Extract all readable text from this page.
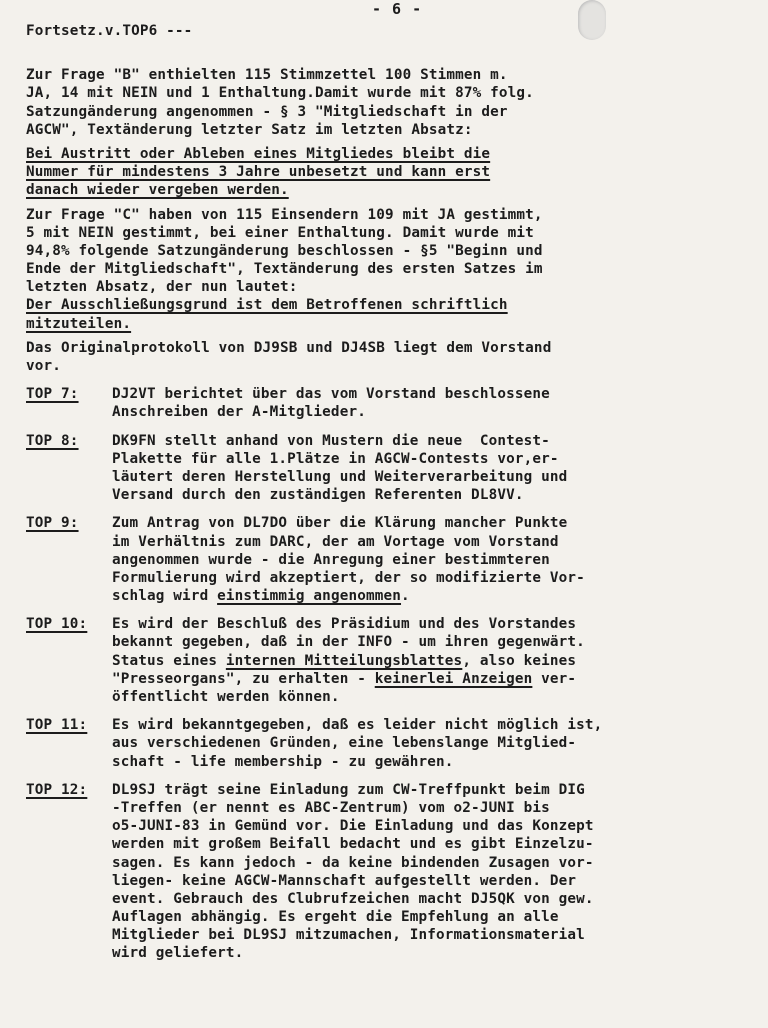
- 6 -
Fortsetz.v.TOP6 ---
Zur Frage "B" enthielten 115 Stimmzettel 100 Stimmen m.
JA, 14 mit NEIN und 1 Enthaltung.Damit wurde mit 87% folg.
Satzungänderung angenommen - § 3 "Mitgliedschaft in der
AGCW", Textänderung letzter Satz im letzten Absatz:
Bei Austritt oder Ableben eines Mitgliedes bleibt die
Nummer für mindestens 3 Jahre unbesetzt und kann erst
danach wieder vergeben werden.
Zur Frage "C" haben von 115 Einsendern 109 mit JA gestimmt,
5 mit NEIN gestimmt, bei einer Enthaltung. Damit wurde mit
94,8% folgende Satzungänderung beschlossen - §5 "Beginn und
Ende der Mitgliedschaft", Textänderung des ersten Satzes im
letzten Absatz, der nun lautet:
Der Ausschließungsgrund ist dem Betroffenen schriftlich
mitzuteilen.
Das Originalprotokoll von DJ9SB und DJ4SB liegt dem Vorstand
vor.
TOP 7:	DJ2VT berichtet über das vom Vorstand beschlossene
Anschreiben der A-Mitglieder.
TOP 8:	DK9FN stellt anhand von Mustern die neue  Contest-
Plakette für alle 1.Plätze in AGCW-Contests vor,er-
läutert deren Herstellung und Weiterverarbeitung und
Versand durch den zuständigen Referenten DL8VV.
TOP 9:	Zum Antrag von DL7DO über die Klärung mancher Punkte
im Verhältnis zum DARC, der am Vortage vom Vorstand
angenommen wurde - die Anregung einer bestimmteren
Formulierung wird akzeptiert, der so modifizierte Vor-
schlag wird einstimmig angenommen.
TOP 10:	Es wird der Beschluß des Präsidium und des Vorstandes
bekannt gegeben, daß in der INFO - um ihren gegenwärt.
Status eines internen Mitteilungsblattes, also keines
"Presseorgans", zu erhalten - keinerlei Anzeigen ver-
öffentlicht werden können.
TOP 11:	Es wird bekanntgegeben, daß es leider nicht möglich ist,
aus verschiedenen Gründen, eine lebenslange Mitglied-
schaft - life membership - zu gewähren.
TOP 12:	DL9SJ trägt seine Einladung zum CW-Treffpunkt beim DIG
-Treffen (er nennt es ABC-Zentrum) vom o2-JUNI bis
o5-JUNI-83 in Gemünd vor. Die Einladung und das Konzept
werden mit großem Beifall bedacht und es gibt Einzelzu-
sagen. Es kann jedoch - da keine bindenden Zusagen vor-
liegen- keine AGCW-Mannschaft aufgestellt werden. Der
event. Gebrauch des Clubrufzeichen macht DJ5QK von gew.
Auflagen abhängig. Es ergeht die Empfehlung an alle
Mitglieder bei DL9SJ mitzumachen, Informationsmaterial
wird geliefert.
